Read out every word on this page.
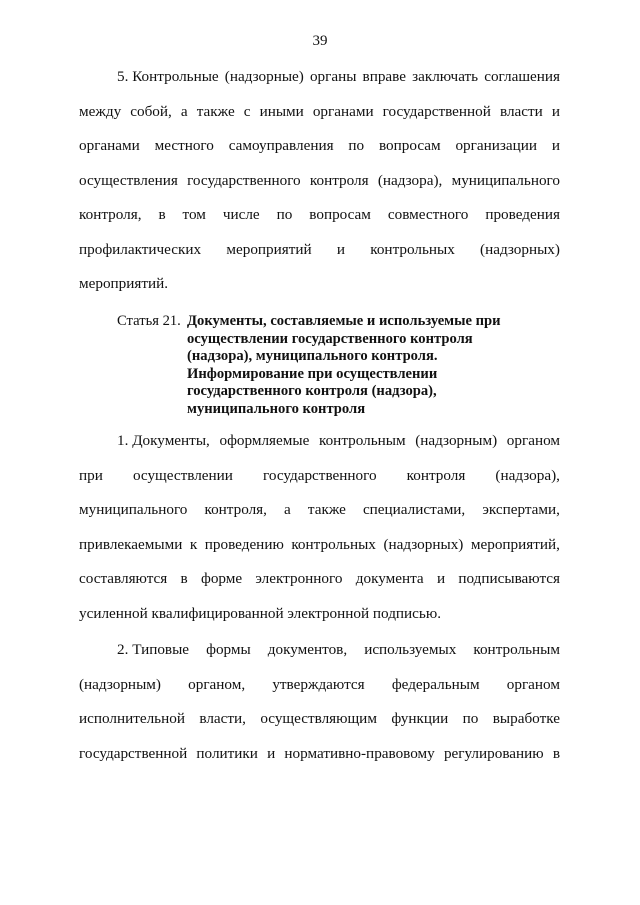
39
5. Контрольные (надзорные) органы вправе заключать соглашения
между собой, а также с иными органами государственной власти и
органами местного самоуправления по вопросам организации и
осуществления государственного контроля (надзора), муниципального
контроля, в том числе по вопросам совместного проведения
профилактических мероприятий и контрольных (надзорных)
мероприятий.
Статья 21. Документы, составляемые и используемые при
осуществлении государственного контроля
(надзора), муниципального контроля.
Информирование при осуществлении
государственного контроля (надзора),
муниципального контроля
1. Документы, оформляемые контрольным (надзорным) органом
при осуществлении государственного контроля (надзора),
муниципального контроля, а также специалистами, экспертами,
привлекаемыми к проведению контрольных (надзорных) мероприятий,
составляются в форме электронного документа и подписываются
усиленной квалифицированной электронной подписью.
2. Типовые формы документов, используемых контрольным
(надзорным) органом, утверждаются федеральным органом
исполнительной власти, осуществляющим функции по выработке
государственной политики и нормативно-правовому регулированию в
